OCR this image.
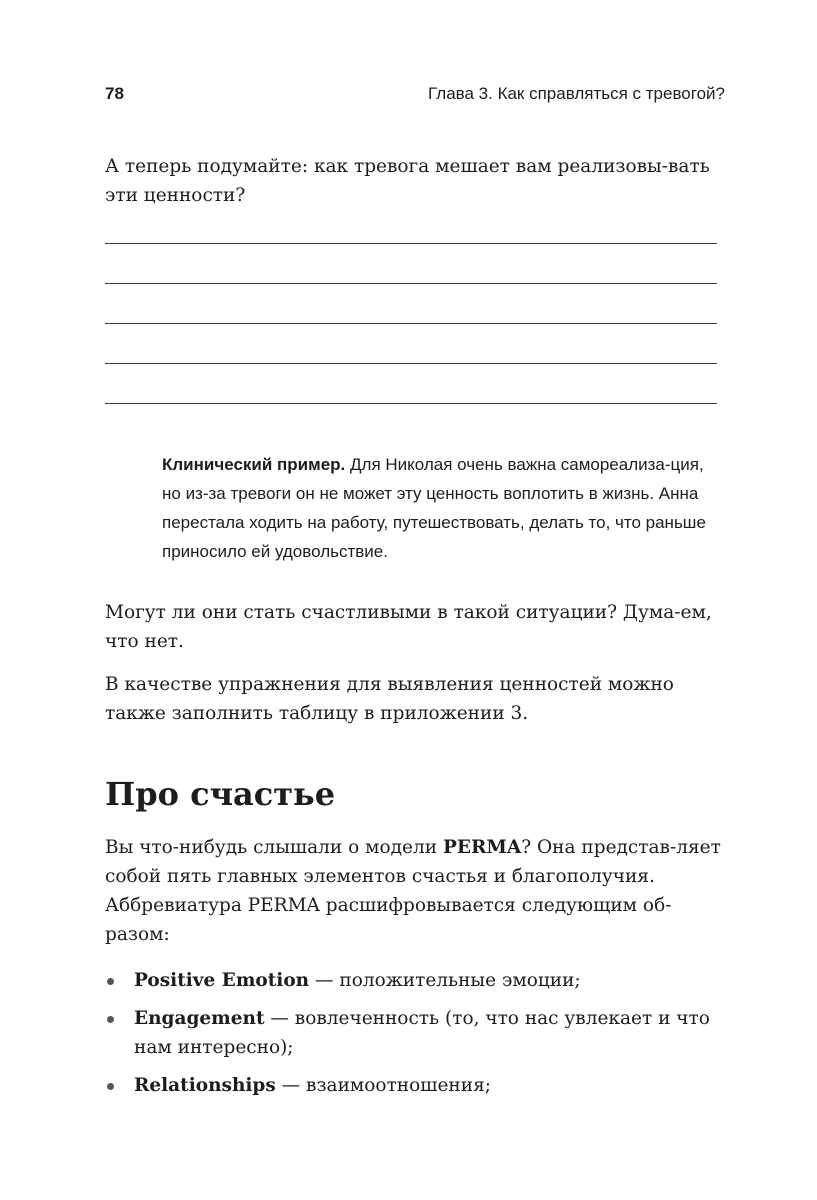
78	Глава 3. Как справляться с тревогой?

А теперь подумайте: как тревога мешает вам реализовы-вать эти ценности?

Клинический пример. Для Николая очень важна самореализа-ция, но из-за тревоги он не может эту ценность воплотить в жизнь. Анна перестала ходить на работу, путешествовать, делать то, что раньше приносило ей удовольствие.

Могут ли они стать счастливыми в такой ситуации? Дума-ем, что нет.

В качестве упражнения для выявления ценностей можно также заполнить таблицу в приложении 3.

Про счастье

Вы что-нибудь слышали о модели PERMA? Она представ-ляет собой пять главных элементов счастья и благополучия. Аббревиатура PERMA расшифровывается следующим об-разом:

Positive Emotion — положительные эмоции;
Engagement — вовлеченность (то, что нас увлекает и что нам интересно);
Relationships — взаимоотношения;
